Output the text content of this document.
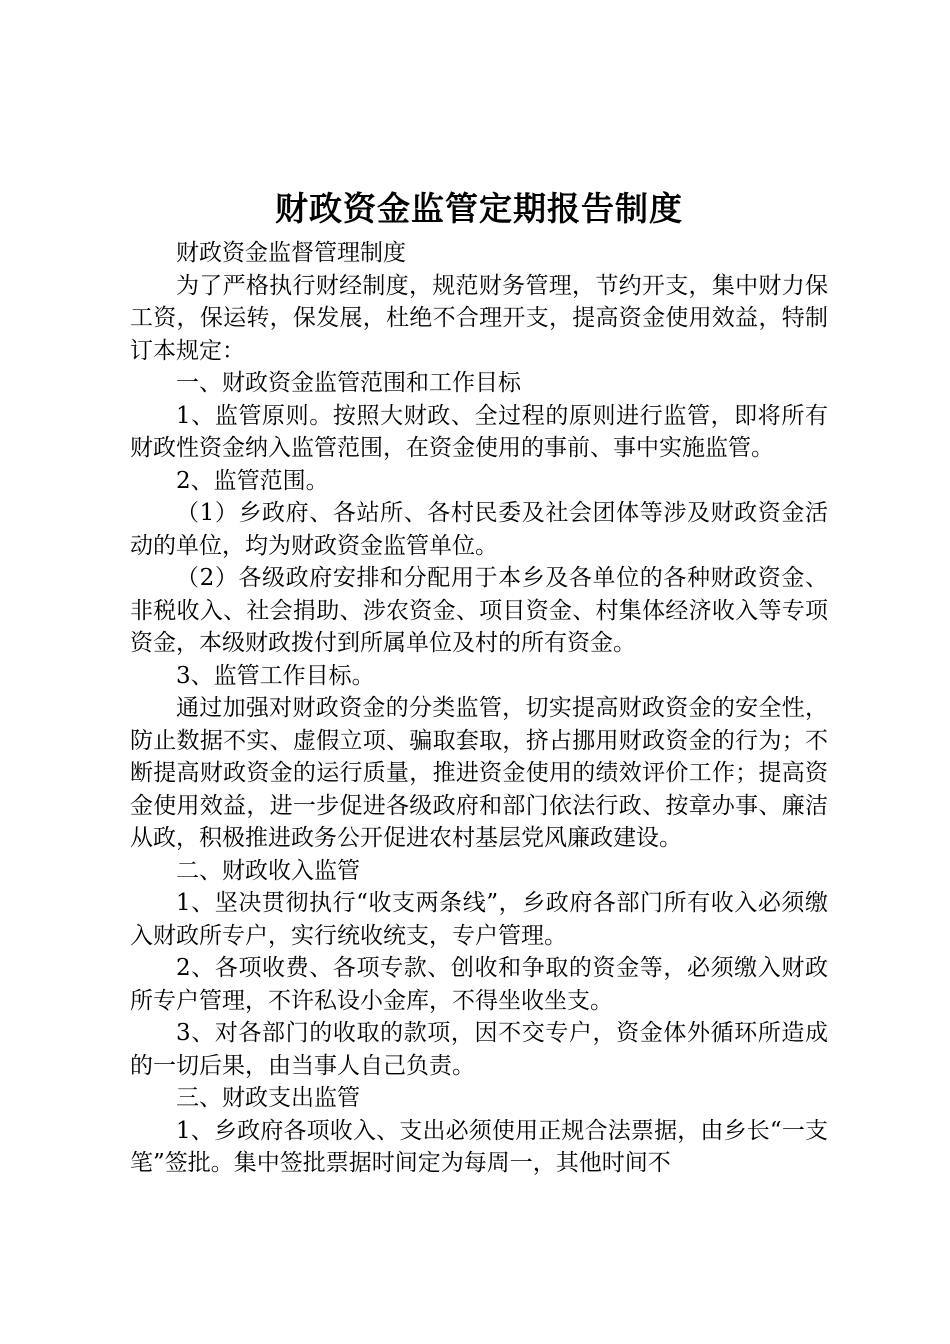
财政资金监管定期报告制度

财政资金监督管理制度

为了严格执行财经制度，规范财务管理，节约开支，集中财力保工资，保运转，保发展，杜绝不合理开支，提高资金使用效益，特制订本规定：

一、财政资金监管范围和工作目标

1、监管原则。按照大财政、全过程的原则进行监管，即将所有财政性资金纳入监管范围，在资金使用的事前、事中实施监管。

2、监管范围。

（1）乡政府、各站所、各村民委及社会团体等涉及财政资金活动的单位，均为财政资金监管单位。

（2）各级政府安排和分配用于本乡及各单位的各种财政资金、非税收入、社会捐助、涉农资金、项目资金、村集体经济收入等专项资金，本级财政拨付到所属单位及村的所有资金。

3、监管工作目标。

通过加强对财政资金的分类监管，切实提高财政资金的安全性，防止数据不实、虚假立项、骗取套取，挤占挪用财政资金的行为；不断提高财政资金的运行质量，推进资金使用的绩效评价工作；提高资金使用效益，进一步促进各级政府和部门依法行政、按章办事、廉洁从政，积极推进政务公开促进农村基层党风廉政建设。

二、财政收入监管

1、坚决贯彻执行“收支两条线”，乡政府各部门所有收入必须缴入财政所专户，实行统收统支，专户管理。

2、各项收费、各项专款、创收和争取的资金等，必须缴入财政所专户管理，不许私设小金库，不得坐收坐支。

3、对各部门的收取的款项，因不交专户，资金体外循环所造成的一切后果，由当事人自己负责。

三、财政支出监管

1、乡政府各项收入、支出必须使用正规合法票据，由乡长“一支笔”签批。集中签批票据时间定为每周一，其他时间不
